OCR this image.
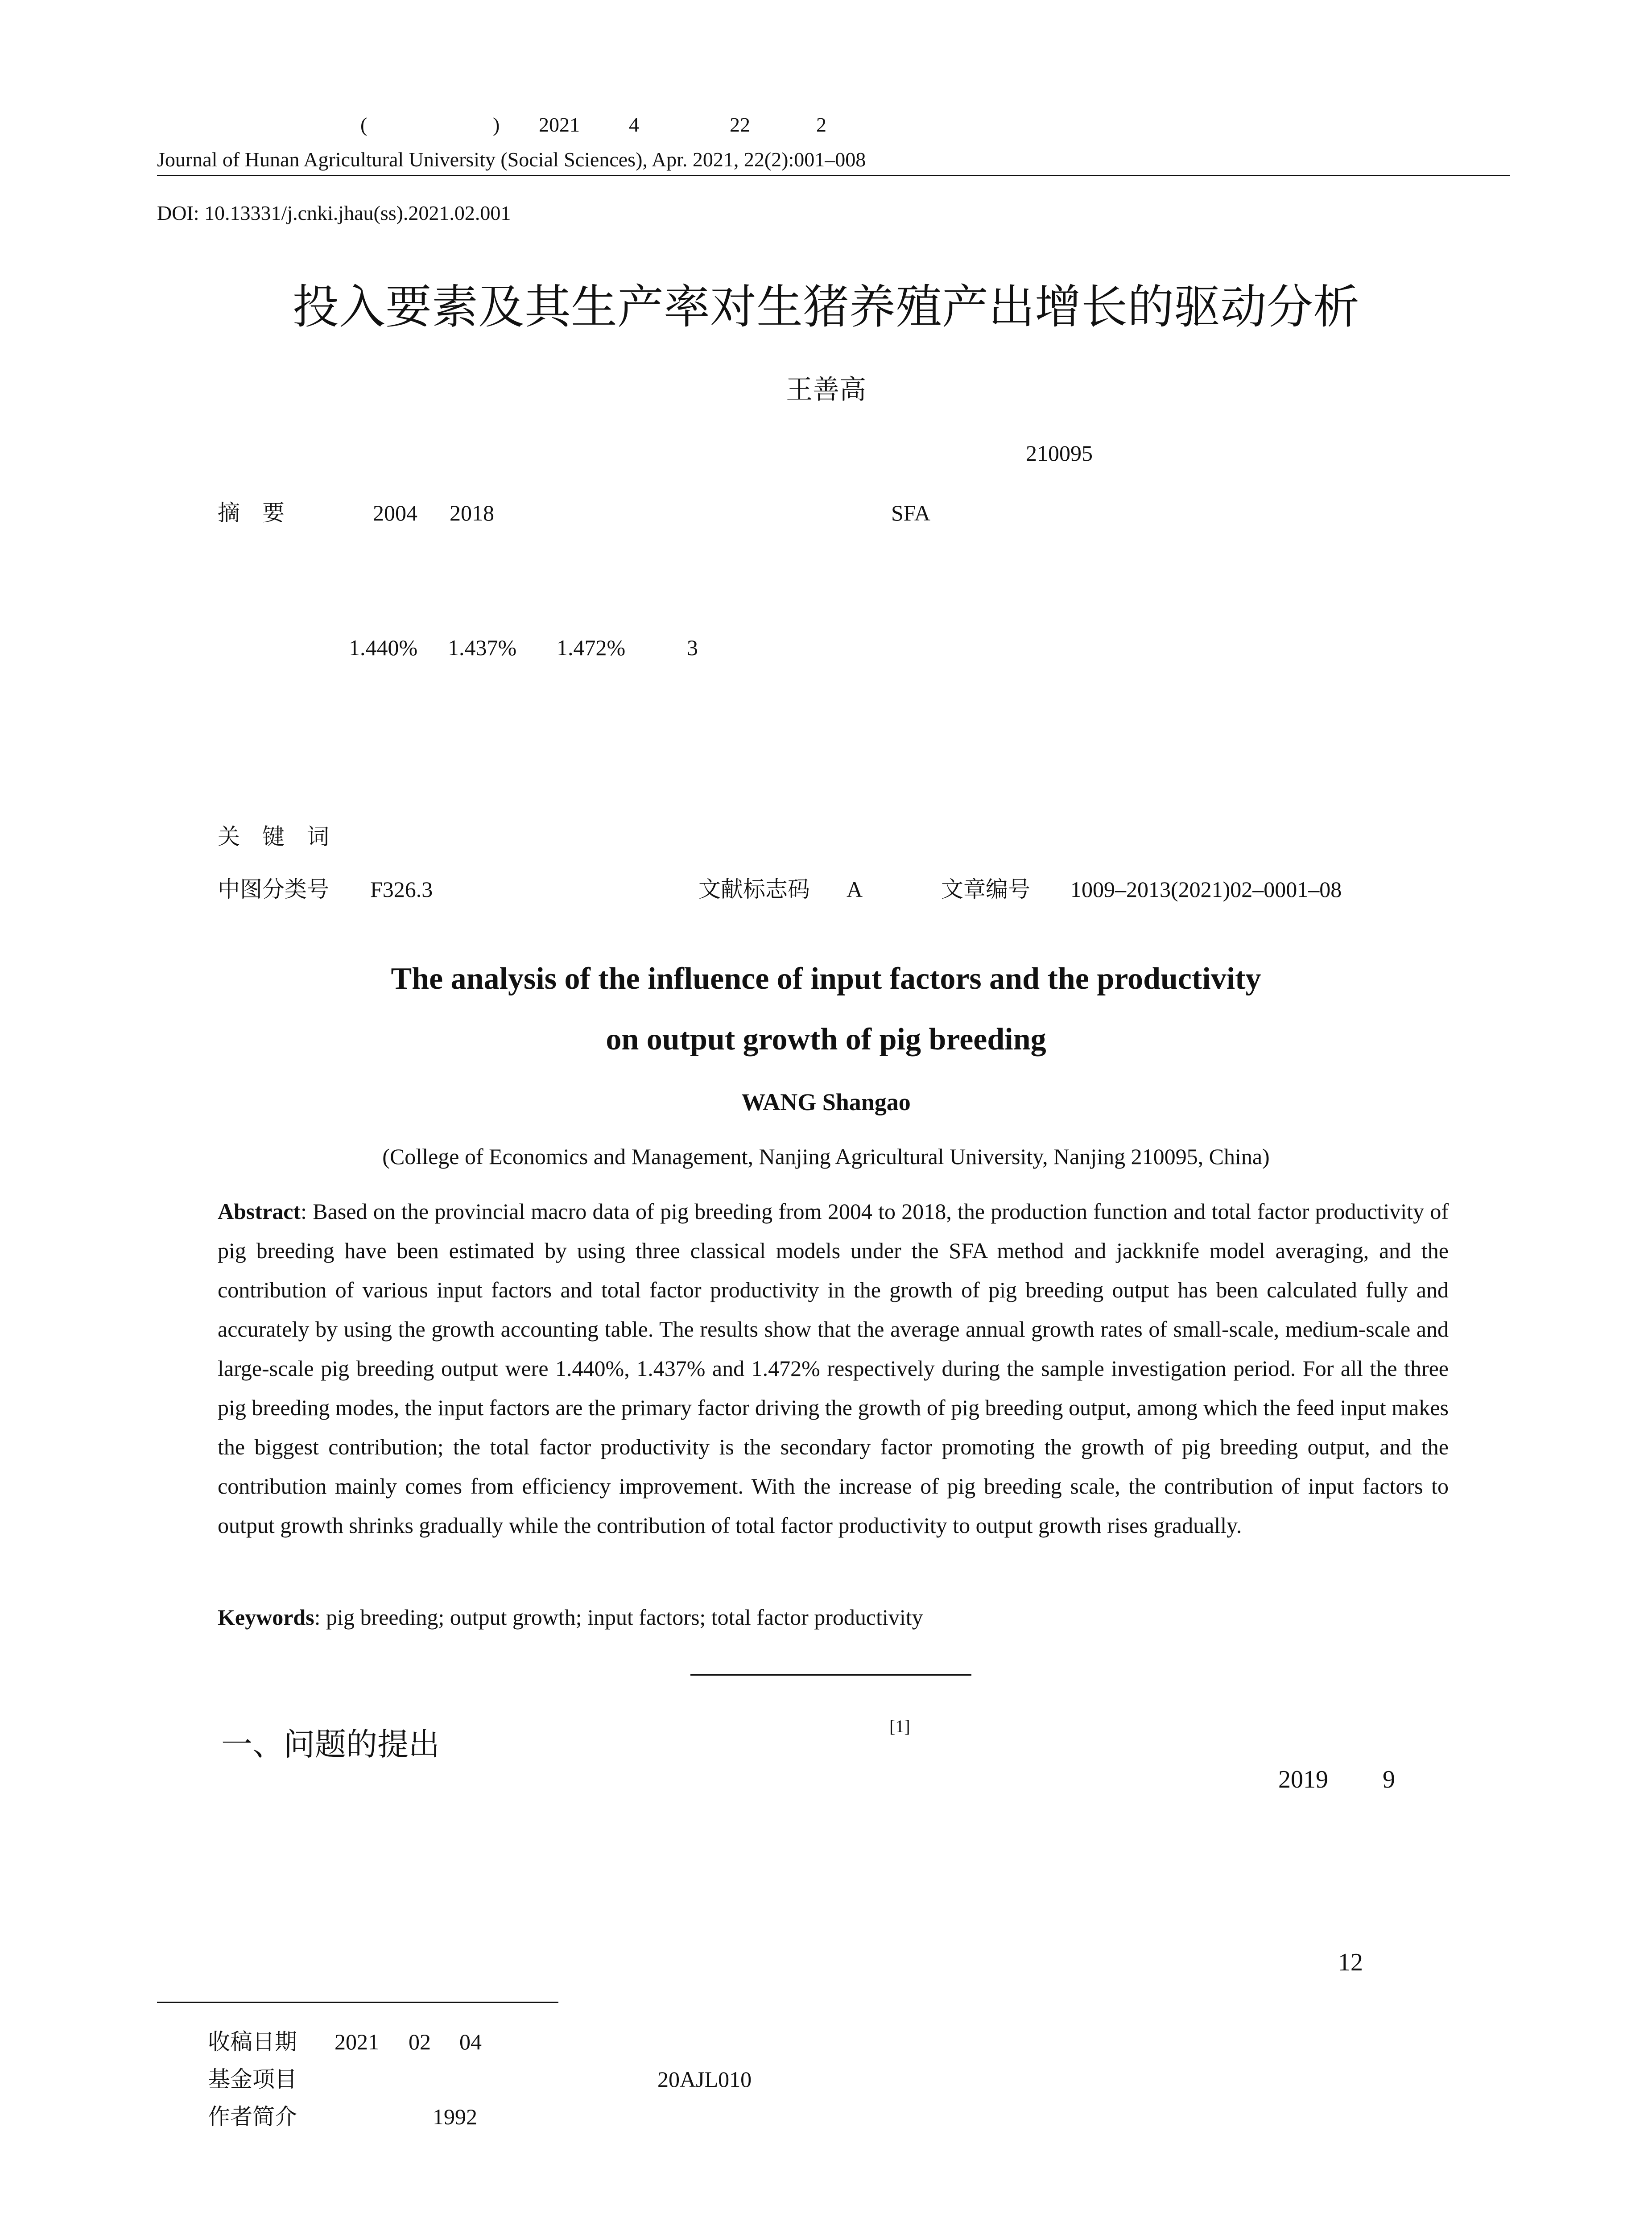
(	) 2021 4	22	2
Journal of Hunan Agricultural University (Social Sciences), Apr. 2021, 22(2):001–008
DOI: 10.13331/j.cnki.jhau(ss).2021.02.001
投入要素及其生产率对生猪养殖产出增长的驱动分析
王善高
210095
摘　要	2004 2018	SFA
1.440% 1.437% 1.472%	3
关　键　词
中图分类号 F326.3	文献标志码 A	文章编号 1009–2013(2021)02–0001–08
The analysis of the influence of input factors and the productivity
on output growth of pig breeding
WANG Shangao
(College of Economics and Management, Nanjing Agricultural University, Nanjing 210095, China)
Abstract: Based on the provincial macro data of pig breeding from 2004 to 2018, the production function and total factor productivity of pig breeding have been estimated by using three classical models under the SFA method and jackknife model averaging, and the contribution of various input factors and total factor productivity in the growth of pig breeding output has been calculated fully and accurately by using the growth accounting table. The results show that the average annual growth rates of small-scale, medium-scale and large-scale pig breeding output were 1.440%, 1.437% and 1.472% respectively during the sample investigation period. For all the three pig breeding modes, the input factors are the primary factor driving the growth of pig breeding output, among which the feed input makes the biggest contribution; the total factor productivity is the secondary factor promoting the growth of pig breeding output, and the contribution mainly comes from efficiency improvement. With the increase of pig breeding scale, the contribution of input factors to output growth shrinks gradually while the contribution of total factor productivity to output growth rises gradually.
Keywords: pig breeding; output growth; input factors; total factor productivity
一、问题的提出	[1]
2019 9
12
收稿日期 2021 02 04
基金项目	20AJL010
作者简介	1992
